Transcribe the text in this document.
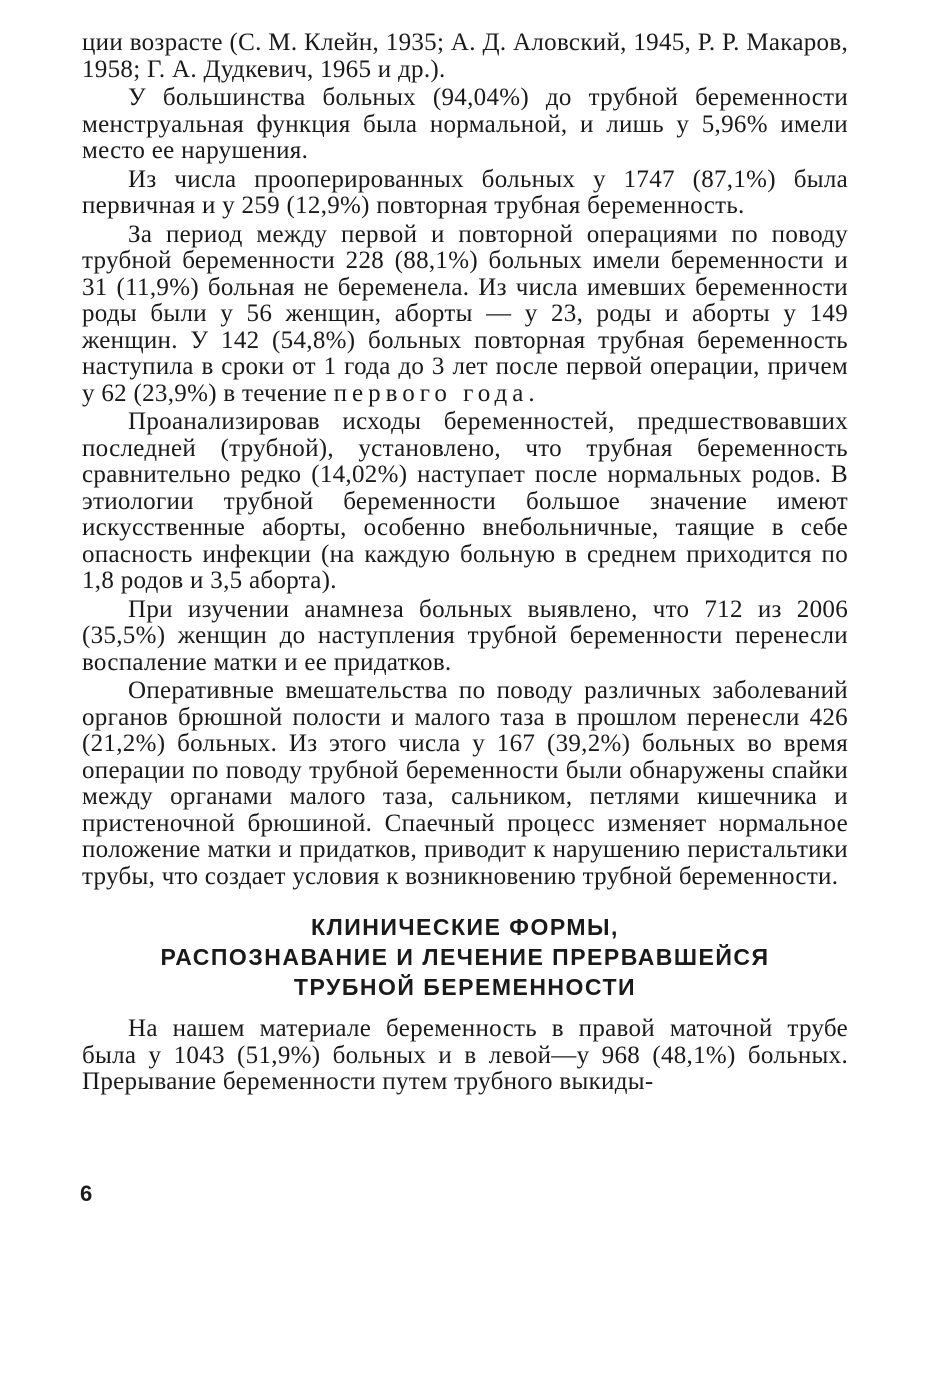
ции возрасте (С. М. Клейн, 1935; А. Д. Аловский, 1945, Р. Р. Макаров, 1958; Г. А. Дудкевич, 1965 и др.).

У большинства больных (94,04%) до трубной беременности менструальная функция была нормальной, и лишь у 5,96% имели место ее нарушения.

Из числа прооперированных больных у 1747 (87,1%) была первичная и у 259 (12,9%) повторная трубная беременность.

За период между первой и повторной операциями по поводу трубной беременности 228 (88,1%) больных имели беременности и 31 (11,9%) больная не беременела. Из числа имевших беременности роды были у 56 женщин, аборты — у 23, роды и аборты у 149 женщин. У 142 (54,8%) больных повторная трубная беременность наступила в сроки от 1 года до 3 лет после первой операции, причем у 62 (23,9%) в течение первого года.

Проанализировав исходы беременностей, предшествовавших последней (трубной), установлено, что трубная беременность сравнительно редко (14,02%) наступает после нормальных родов. В этиологии трубной беременности большое значение имеют искусственные аборты, особенно внебольничные, таящие в себе опасность инфекции (на каждую больную в среднем приходится по 1,8 родов и 3,5 аборта).

При изучении анамнеза больных выявлено, что 712 из 2006 (35,5%) женщин до наступления трубной беременности перенесли воспаление матки и ее придатков.

Оперативные вмешательства по поводу различных заболеваний органов брюшной полости и малого таза в прошлом перенесли 426 (21,2%) больных. Из этого числа у 167 (39,2%) больных во время операции по поводу трубной беременности были обнаружены спайки между органами малого таза, сальником, петлями кишечника и пристеночной брюшиной. Спаечный процесс изменяет нормальное положение матки и придатков, приводит к нарушению перистальтики трубы, что создает условия к возникновению трубной беременности.

КЛИНИЧЕСКИЕ ФОРМЫ,
РАСПОЗНАВАНИЕ И ЛЕЧЕНИЕ ПРЕРВАВШЕЙСЯ
ТРУБНОЙ БЕРЕМЕННОСТИ

На нашем материале беременность в правой маточной трубе была у 1043 (51,9%) больных и в левой—у 968 (48,1%) больных. Прерывание беременности путем трубного выкиды-

6
